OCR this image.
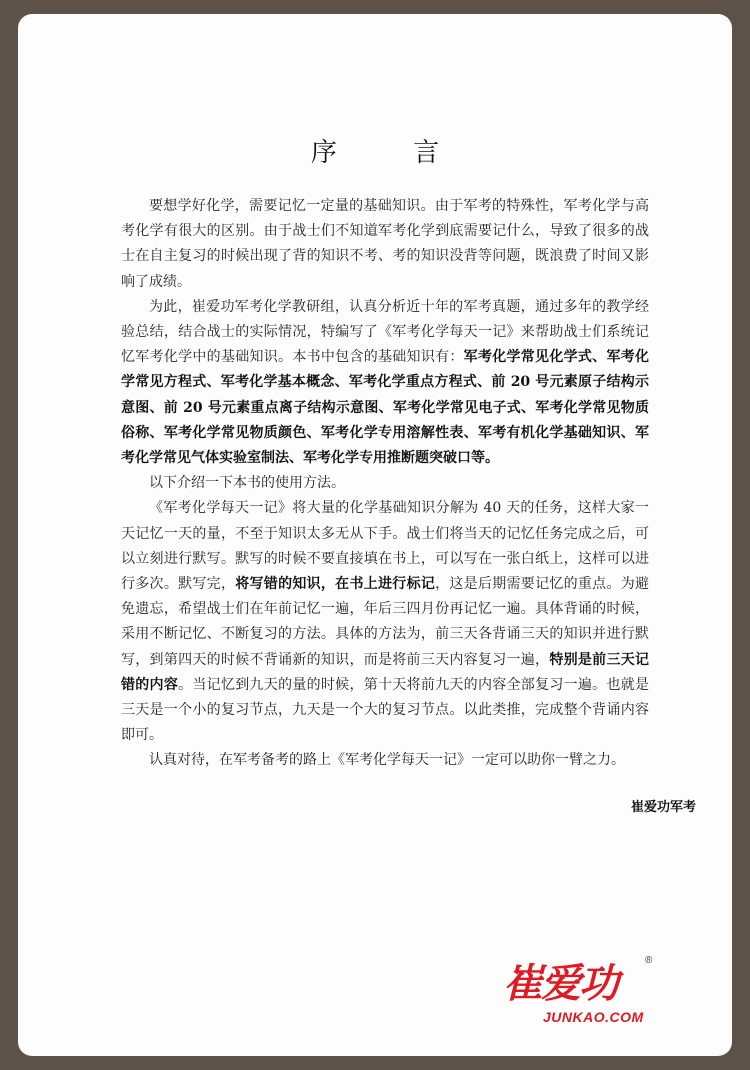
序 言

要想学好化学，需要记忆一定量的基础知识。由于军考的特殊性，军考化学与高考化学有很大的区别。由于战士们不知道军考化学到底需要记什么，导致了很多的战士在自主复习的时候出现了背的知识不考、考的知识没背等问题，既浪费了时间又影响了成绩。

为此，崔爱功军考化学教研组，认真分析近十年的军考真题，通过多年的教学经验总结，结合战士的实际情况，特编写了《军考化学每天一记》来帮助战士们系统记忆军考化学中的基础知识。本书中包含的基础知识有：军考化学常见化学式、军考化学常见方程式、军考化学基本概念、军考化学重点方程式、前 20 号元素原子结构示意图、前 20 号元素重点离子结构示意图、军考化学常见电子式、军考化学常见物质俗称、军考化学常见物质颜色、军考化学专用溶解性表、军考有机化学基础知识、军考化学常见气体实验室制法、军考化学专用推断题突破口等。

以下介绍一下本书的使用方法。

《军考化学每天一记》将大量的化学基础知识分解为 40 天的任务，这样大家一天记忆一天的量，不至于知识太多无从下手。战士们将当天的记忆任务完成之后，可以立刻进行默写。默写的时候不要直接填在书上，可以写在一张白纸上，这样可以进行多次。默写完，将写错的知识，在书上进行标记，这是后期需要记忆的重点。为避免遗忘，希望战士们在年前记忆一遍，年后三四月份再记忆一遍。具体背诵的时候，采用不断记忆、不断复习的方法。具体的方法为，前三天各背诵三天的知识并进行默写，到第四天的时候不背诵新的知识，而是将前三天内容复习一遍，特别是前三天记错的内容。当记忆到九天的量的时候，第十天将前九天的内容全部复习一遍。也就是三天是一个小的复习节点，九天是一个大的复习节点。以此类推，完成整个背诵内容即可。

认真对待，在军考备考的路上《军考化学每天一记》一定可以助你一臂之力。

崔爱功军考
崔爱功
®
JUNKAO.COM
